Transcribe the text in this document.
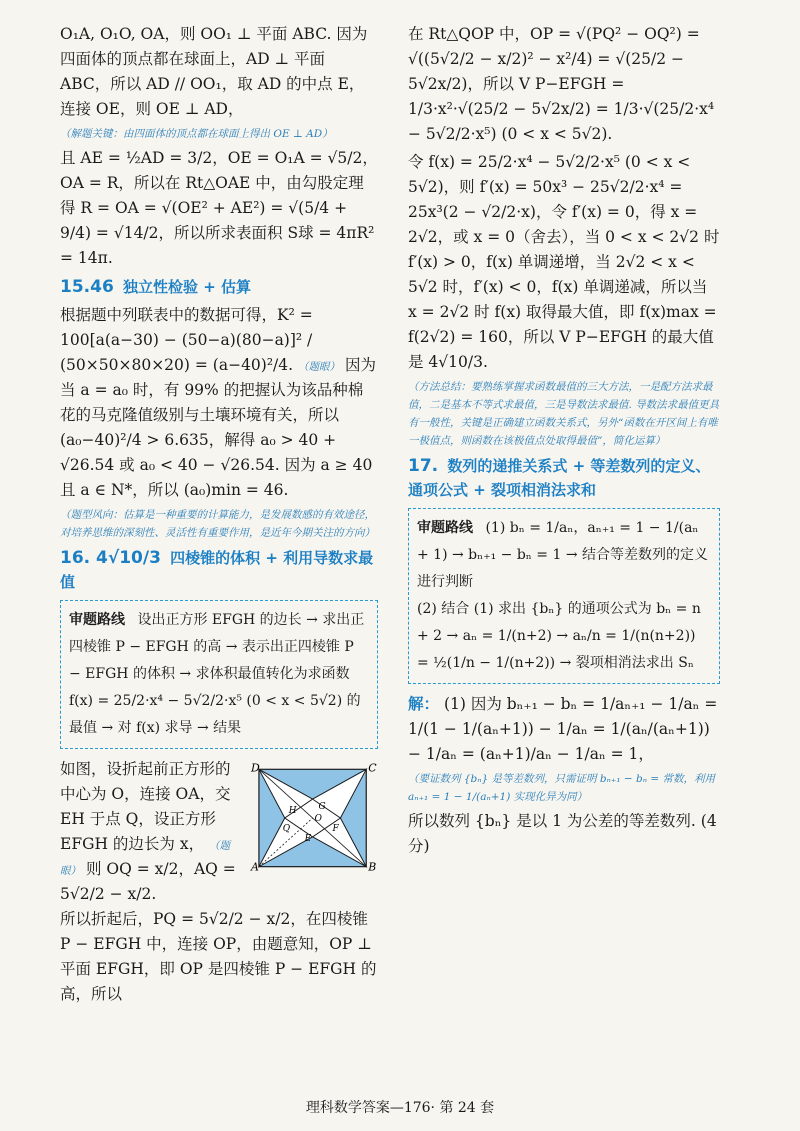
O₁A, O₁O, OA，则 OO₁ ⊥ 平面 ABC. 因为四面体的顶点都在球面上，AD ⊥ 平面 ABC，所以 AD // OO₁，取 AD 的中点 E，连接 OE，则 OE ⊥ AD，

（解题关键：由四面体的顶点都在球面上得出 OE ⊥ AD）

且 AE = ½AD = 3/2，OE = O₁A = √5/2，OA = R，所以在 Rt△OAE 中，由勾股定理得 R = OA = √(OE² + AE²) = √(5/4 + 9/4) = √14/2，所以所求表面积 S球 = 4πR² = 14π.

15.46 独立性检验 + 估算

根据题中列联表中的数据可得，K² = 100[a(a−30) − (50−a)(80−a)]² / (50×50×80×20) = (a−40)²/4. （题眼） 因为当 a = a₀ 时，有 99% 的把握认为该品种棉花的马克隆值级别与土壤环境有关，所以 (a₀−40)²/4 > 6.635，解得 a₀ > 40 + √26.54 或 a₀ < 40 − √26.54. 因为 a ≥ 40 且 a ∈ N*，所以 (a₀)min = 46.

（题型风向：估算是一种重要的计算能力，是发展数感的有效途径，对培养思维的深刻性、灵活性有重要作用，是近年今期关注的方向）

16. 4√10/3 四棱锥的体积 + 利用导数求最值
审题路线 设出正方形 EFGH 的边长 → 求出正四棱锥 P − EFGH 的高 → 表示出正四棱锥 P − EFGH 的体积 → 求体积最值转化为求函数 f(x) = 25/2·x⁴ − 5√2/2·x⁵ (0 < x < 5√2) 的最值 → 对 f(x) 求导 → 结果
如图，设折起前正方形的中心为 O，连接 OA，交 EH 于点 Q，设正方形 EFGH 的边长为 x， （题眼） 则 OQ = x/2，AQ = 5√2/2 − x/2.
D	C
A	B
H G
O
Q	F
E

所以折起后，PQ = 5√2/2 − x/2，在四棱锥 P − EFGH 中，连接 OP，由题意知，OP ⊥ 平面 EFGH，即 OP 是四棱锥 P − EFGH 的高，所以

在 Rt△QOP 中，OP = √(PQ² − OQ²) = √((5√2/2 − x/2)² − x²/4) = √(25/2 − 5√2x/2)，所以 V P−EFGH = 1/3·x²·√(25/2 − 5√2x/2) = 1/3·√(25/2·x⁴ − 5√2/2·x⁵) (0 < x < 5√2).

令 f(x) = 25/2·x⁴ − 5√2/2·x⁵ (0 < x < 5√2)，则 f′(x) = 50x³ − 25√2/2·x⁴ = 25x³(2 − √2/2·x)，令 f′(x) = 0，得 x = 2√2，或 x = 0（舍去），当 0 < x < 2√2 时 f′(x) > 0，f(x) 单调递增，当 2√2 < x < 5√2 时，f′(x) < 0，f(x) 单调递减，所以当 x = 2√2 时 f(x) 取得最大值，即 f(x)max = f(2√2) = 160，所以 V P−EFGH 的最大值是 4√10/3.

（方法总结：要熟练掌握求函数最值的三大方法，一是配方法求最值，二是基本不等式求最值，三是导数法求最值. 导数法求最值更具有一般性，关键是正确建立函数关系式，另外“函数在开区间上有唯一极值点，则函数在该极值点处取得最值”，简化运算）

17. 数列的递推关系式 + 等差数列的定义、通项公式 + 裂项相消法求和
审题路线 (1) bₙ = 1/aₙ，aₙ₊₁ = 1 − 1/(aₙ + 1) → bₙ₊₁ − bₙ = 1 → 结合等差数列的定义进行判断
(2) 结合 (1) 求出 {bₙ} 的通项公式为 bₙ = n + 2 → aₙ = 1/(n+2) → aₙ/n = 1/(n(n+2)) = ½(1/n − 1/(n+2)) → 裂项相消法求出 Sₙ

解： (1) 因为 bₙ₊₁ − bₙ = 1/aₙ₊₁ − 1/aₙ = 1/(1 − 1/(aₙ+1)) − 1/aₙ = 1/(aₙ/(aₙ+1)) − 1/aₙ = (aₙ+1)/aₙ − 1/aₙ = 1，

（要证数列 {bₙ} 是等差数列，只需证明 bₙ₊₁ − bₙ = 常数，利用 aₙ₊₁ = 1 − 1/(aₙ+1) 实现化异为同）

所以数列 {bₙ} 是以 1 为公差的等差数列. (4分)

理科数学答案—176· 第 24 套
